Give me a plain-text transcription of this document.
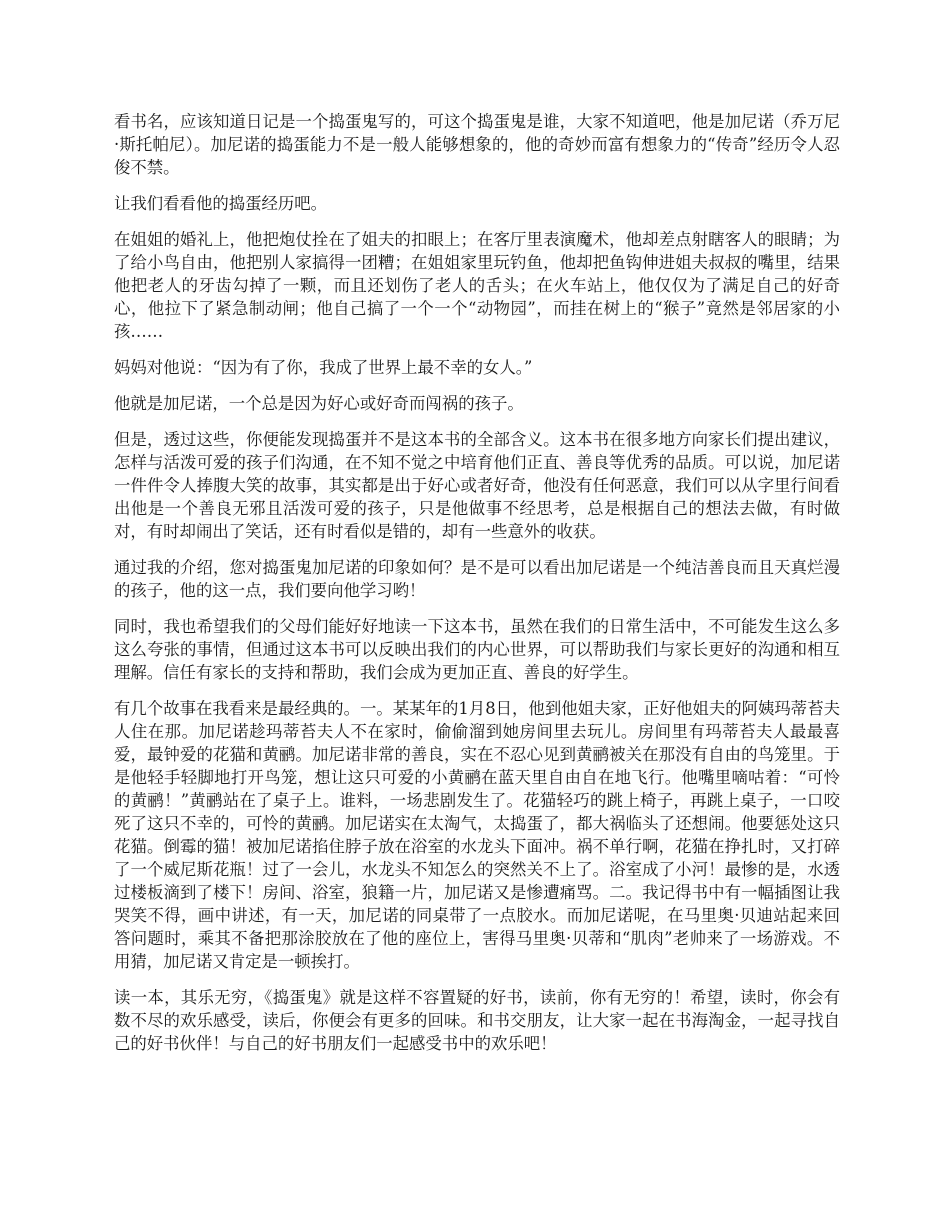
看书名，应该知道日记是一个捣蛋鬼写的，可这个捣蛋鬼是谁，大家不知道吧，他是加尼诺（乔万尼·斯托帕尼）。加尼诺的捣蛋能力不是一般人能够想象的，他的奇妙而富有想象力的“传奇”经历令人忍俊不禁。

让我们看看他的捣蛋经历吧。

在姐姐的婚礼上，他把炮仗拴在了姐夫的扣眼上；在客厅里表演魔术，他却差点射瞎客人的眼睛；为了给小鸟自由，他把别人家搞得一团糟；在姐姐家里玩钓鱼，他却把鱼钩伸进姐夫叔叔的嘴里，结果他把老人的牙齿勾掉了一颗，而且还划伤了老人的舌头；在火车站上，他仅仅为了满足自己的好奇心，他拉下了紧急制动闸；他自己搞了一个一个“动物园”，而挂在树上的“猴子”竟然是邻居家的小孩……

妈妈对他说：“因为有了你，我成了世界上最不幸的女人。”

他就是加尼诺，一个总是因为好心或好奇而闯祸的孩子。

但是，透过这些，你便能发现捣蛋并不是这本书的全部含义。这本书在很多地方向家长们提出建议，怎样与活泼可爱的孩子们沟通，在不知不觉之中培育他们正直、善良等优秀的品质。可以说，加尼诺一件件令人捧腹大笑的故事，其实都是出于好心或者好奇，他没有任何恶意，我们可以从字里行间看出他是一个善良无邪且活泼可爱的孩子，只是他做事不经思考，总是根据自己的想法去做，有时做对，有时却闹出了笑话，还有时看似是错的，却有一些意外的收获。

通过我的介绍，您对捣蛋鬼加尼诺的印象如何？是不是可以看出加尼诺是一个纯洁善良而且天真烂漫的孩子，他的这一点，我们要向他学习哟！

同时，我也希望我们的父母们能好好地读一下这本书，虽然在我们的日常生活中，不可能发生这么多这么夸张的事情，但通过这本书可以反映出我们的内心世界，可以帮助我们与家长更好的沟通和相互理解。信任有家长的支持和帮助，我们会成为更加正直、善良的好学生。

有几个故事在我看来是最经典的。一。某某年的1月8日，他到他姐夫家，正好他姐夫的阿姨玛蒂苔夫人住在那。加尼诺趁玛蒂苔夫人不在家时，偷偷溜到她房间里去玩儿。房间里有玛蒂苔夫人最最喜爱，最钟爱的花猫和黄鹂。加尼诺非常的善良，实在不忍心见到黄鹂被关在那没有自由的鸟笼里。于是他轻手轻脚地打开鸟笼，想让这只可爱的小黄鹂在蓝天里自由自在地飞行。他嘴里嘀咕着：“可怜的黄鹂！”黄鹂站在了桌子上。谁料，一场悲剧发生了。花猫轻巧的跳上椅子，再跳上桌子，一口咬死了这只不幸的，可怜的黄鹂。加尼诺实在太淘气，太捣蛋了，都大祸临头了还想闹。他要惩处这只花猫。倒霉的猫！被加尼诺掐住脖子放在浴室的水龙头下面冲。祸不单行啊，花猫在挣扎时，又打碎了一个威尼斯花瓶！过了一会儿，水龙头不知怎么的突然关不上了。浴室成了小河！最惨的是，水透过楼板滴到了楼下！房间、浴室，狼籍一片，加尼诺又是惨遭痛骂。二。我记得书中有一幅插图让我哭笑不得，画中讲述，有一天，加尼诺的同桌带了一点胶水。而加尼诺呢，在马里奥·贝迪站起来回答问题时，乘其不备把那涂胶放在了他的座位上，害得马里奥·贝蒂和“肌肉”老帅来了一场游戏。不用猜，加尼诺又肯定是一顿挨打。

读一本，其乐无穷，《捣蛋鬼》就是这样不容置疑的好书，读前，你有无穷的！希望，读时，你会有数不尽的欢乐感受，读后，你便会有更多的回味。和书交朋友，让大家一起在书海淘金，一起寻找自己的好书伙伴！与自己的好书朋友们一起感受书中的欢乐吧！
